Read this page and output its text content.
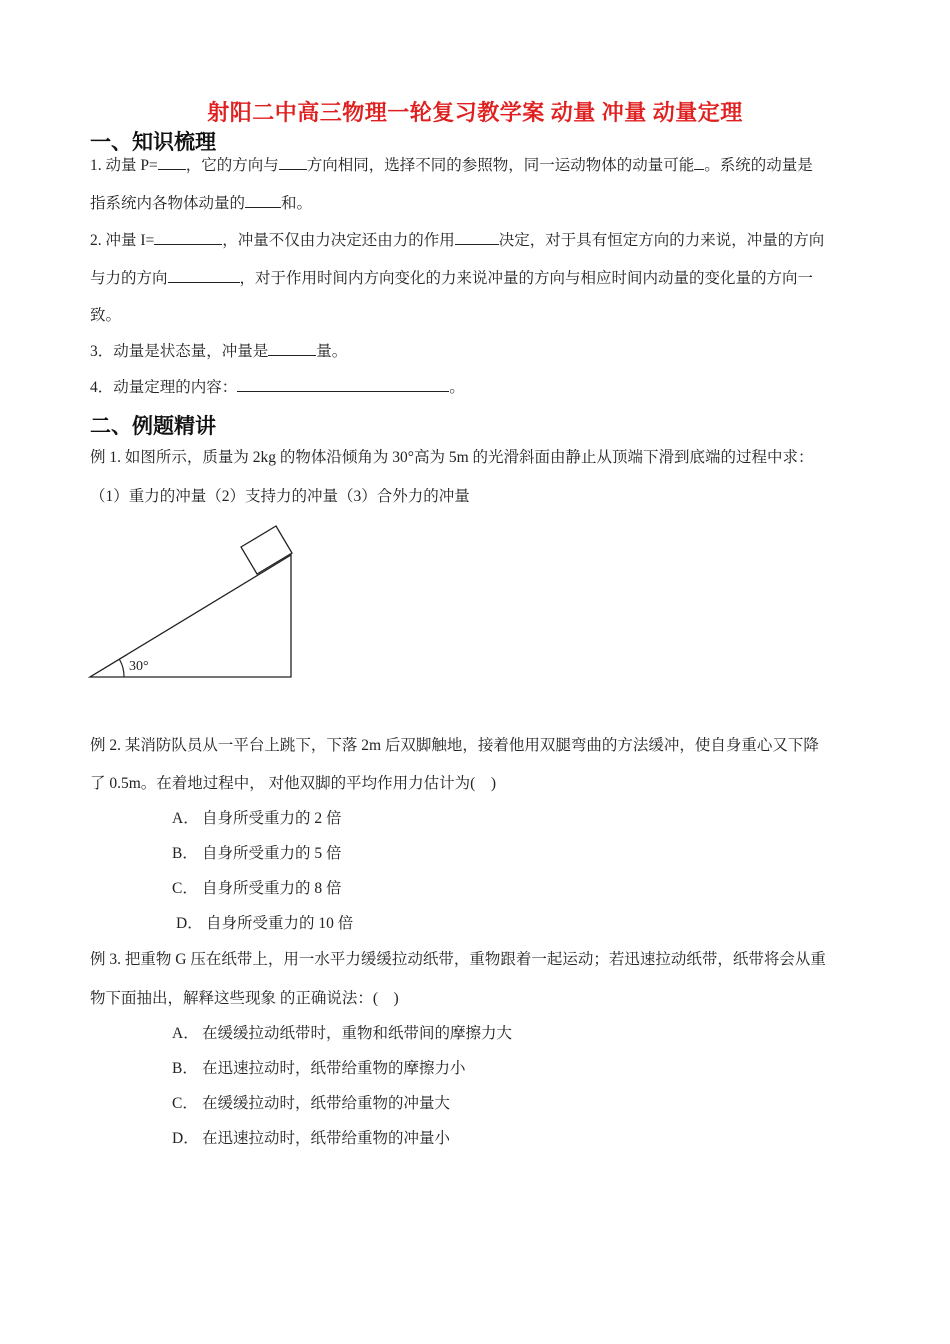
射阳二中高三物理一轮复习教学案 动量 冲量 动量定理
一、知识梳理
1. 动量 P= ，它的方向与 方向相同，选择不同的参照物，同一运动物体的动量可能 。系统的动量是
指系统内各物体动量的 和。
2. 冲量 I=	，冲量不仅由力决定还由力的作用	决定，对于具有恒定方向的力来说，冲量的方向
与力的方向	，对于作用时间内方向变化的力来说冲量的方向与相应时间内动量的变化量的方向一
致。
3．动量是状态量，冲量是	量。
4．动量定理的内容：	。
二、例题精讲
例 1. 如图所示，质量为 2kg 的物体沿倾角为 30°高为 5m 的光滑斜面由静止从顶端下滑到底端的过程中求：
（1）重力的冲量（2）支持力的冲量（3）合外力的冲量
30°
例 2. 某消防队员从一平台上跳下，下落 2m 后双脚触地，接着他用双腿弯曲的方法缓冲，使自身重心又下降
了 0.5m。在着地过程中， 对他双脚的平均作用力估计为(　)
A． 自身所受重力的 2 倍
B． 自身所受重力的 5 倍
C． 自身所受重力的 8 倍
D． 自身所受重力的 10 倍
例 3. 把重物 G 压在纸带上，用一水平力缓缓拉动纸带，重物跟着一起运动；若迅速拉动纸带，纸带将会从重
物下面抽出，解释这些现象 的正确说法：(　)
A． 在缓缓拉动纸带时，重物和纸带间的摩擦力大
B． 在迅速拉动时，纸带给重物的摩擦力小
C． 在缓缓拉动时，纸带给重物的冲量大
D． 在迅速拉动时，纸带给重物的冲量小
